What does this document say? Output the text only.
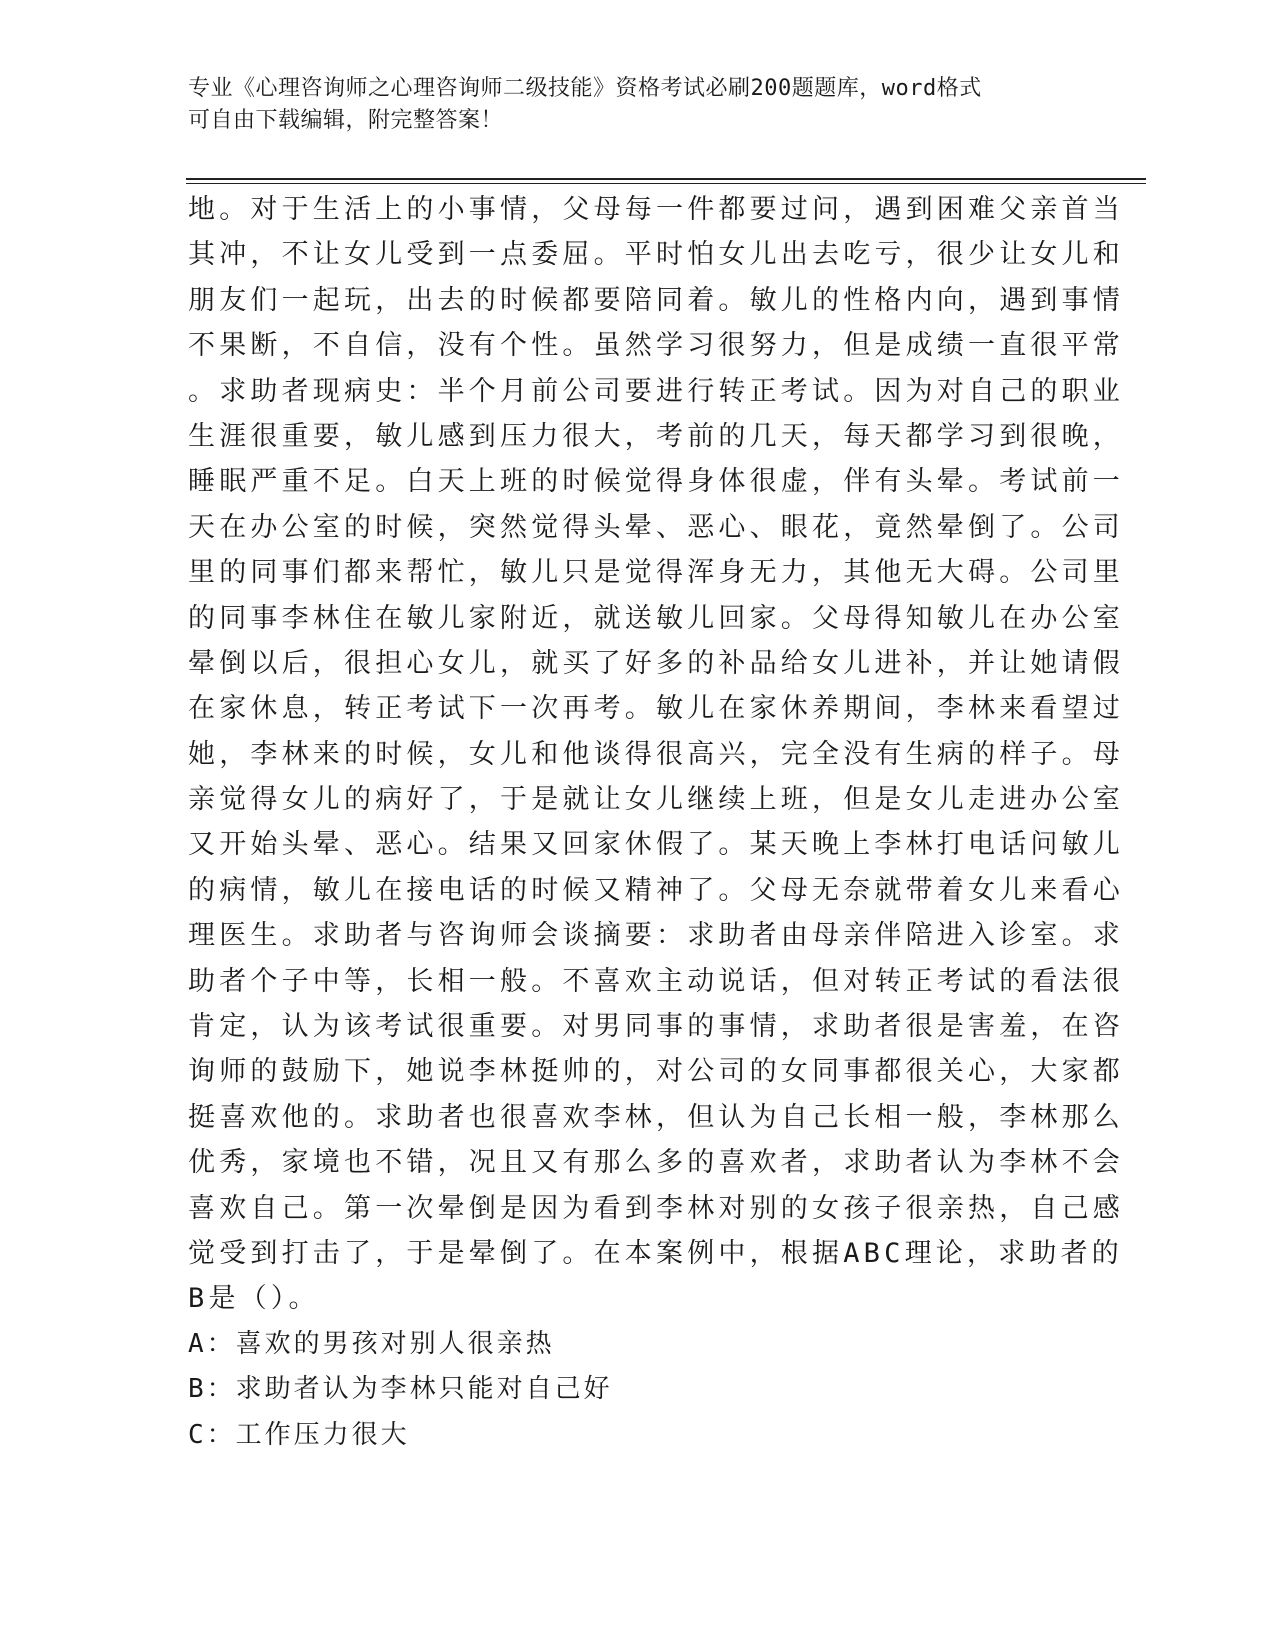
专业《心理咨询师之心理咨询师二级技能》资格考试必刷200题题库，word格式
可自由下载编辑，附完整答案！
地。对于生活上的小事情，父母每一件都要过问，遇到困难父亲首当
其冲，不让女儿受到一点委屈。平时怕女儿出去吃亏，很少让女儿和
朋友们一起玩，出去的时候都要陪同着。敏儿的性格内向，遇到事情
不果断，不自信，没有个性。虽然学习很努力，但是成绩一直很平常
。求助者现病史：半个月前公司要进行转正考试。因为对自己的职业
生涯很重要，敏儿感到压力很大，考前的几天，每天都学习到很晚，
睡眠严重不足。白天上班的时候觉得身体很虚，伴有头晕。考试前一
天在办公室的时候，突然觉得头晕、恶心、眼花，竟然晕倒了。公司
里的同事们都来帮忙，敏儿只是觉得浑身无力，其他无大碍。公司里
的同事李林住在敏儿家附近，就送敏儿回家。父母得知敏儿在办公室
晕倒以后，很担心女儿，就买了好多的补品给女儿进补，并让她请假
在家休息，转正考试下一次再考。敏儿在家休养期间，李林来看望过
她，李林来的时候，女儿和他谈得很高兴，完全没有生病的样子。母
亲觉得女儿的病好了，于是就让女儿继续上班，但是女儿走进办公室
又开始头晕、恶心。结果又回家休假了。某天晚上李林打电话问敏儿
的病情，敏儿在接电话的时候又精神了。父母无奈就带着女儿来看心
理医生。求助者与咨询师会谈摘要：求助者由母亲伴陪进入诊室。求
助者个子中等，长相一般。不喜欢主动说话，但对转正考试的看法很
肯定，认为该考试很重要。对男同事的事情，求助者很是害羞，在咨
询师的鼓励下，她说李林挺帅的，对公司的女同事都很关心，大家都
挺喜欢他的。求助者也很喜欢李林，但认为自己长相一般，李林那么
优秀，家境也不错，况且又有那么多的喜欢者，求助者认为李林不会
喜欢自己。第一次晕倒是因为看到李林对别的女孩子很亲热，自己感
觉受到打击了，于是晕倒了。在本案例中，根据ABC理论，求助者的
B是（）。
A：喜欢的男孩对别人很亲热
B：求助者认为李林只能对自己好
C：工作压力很大
